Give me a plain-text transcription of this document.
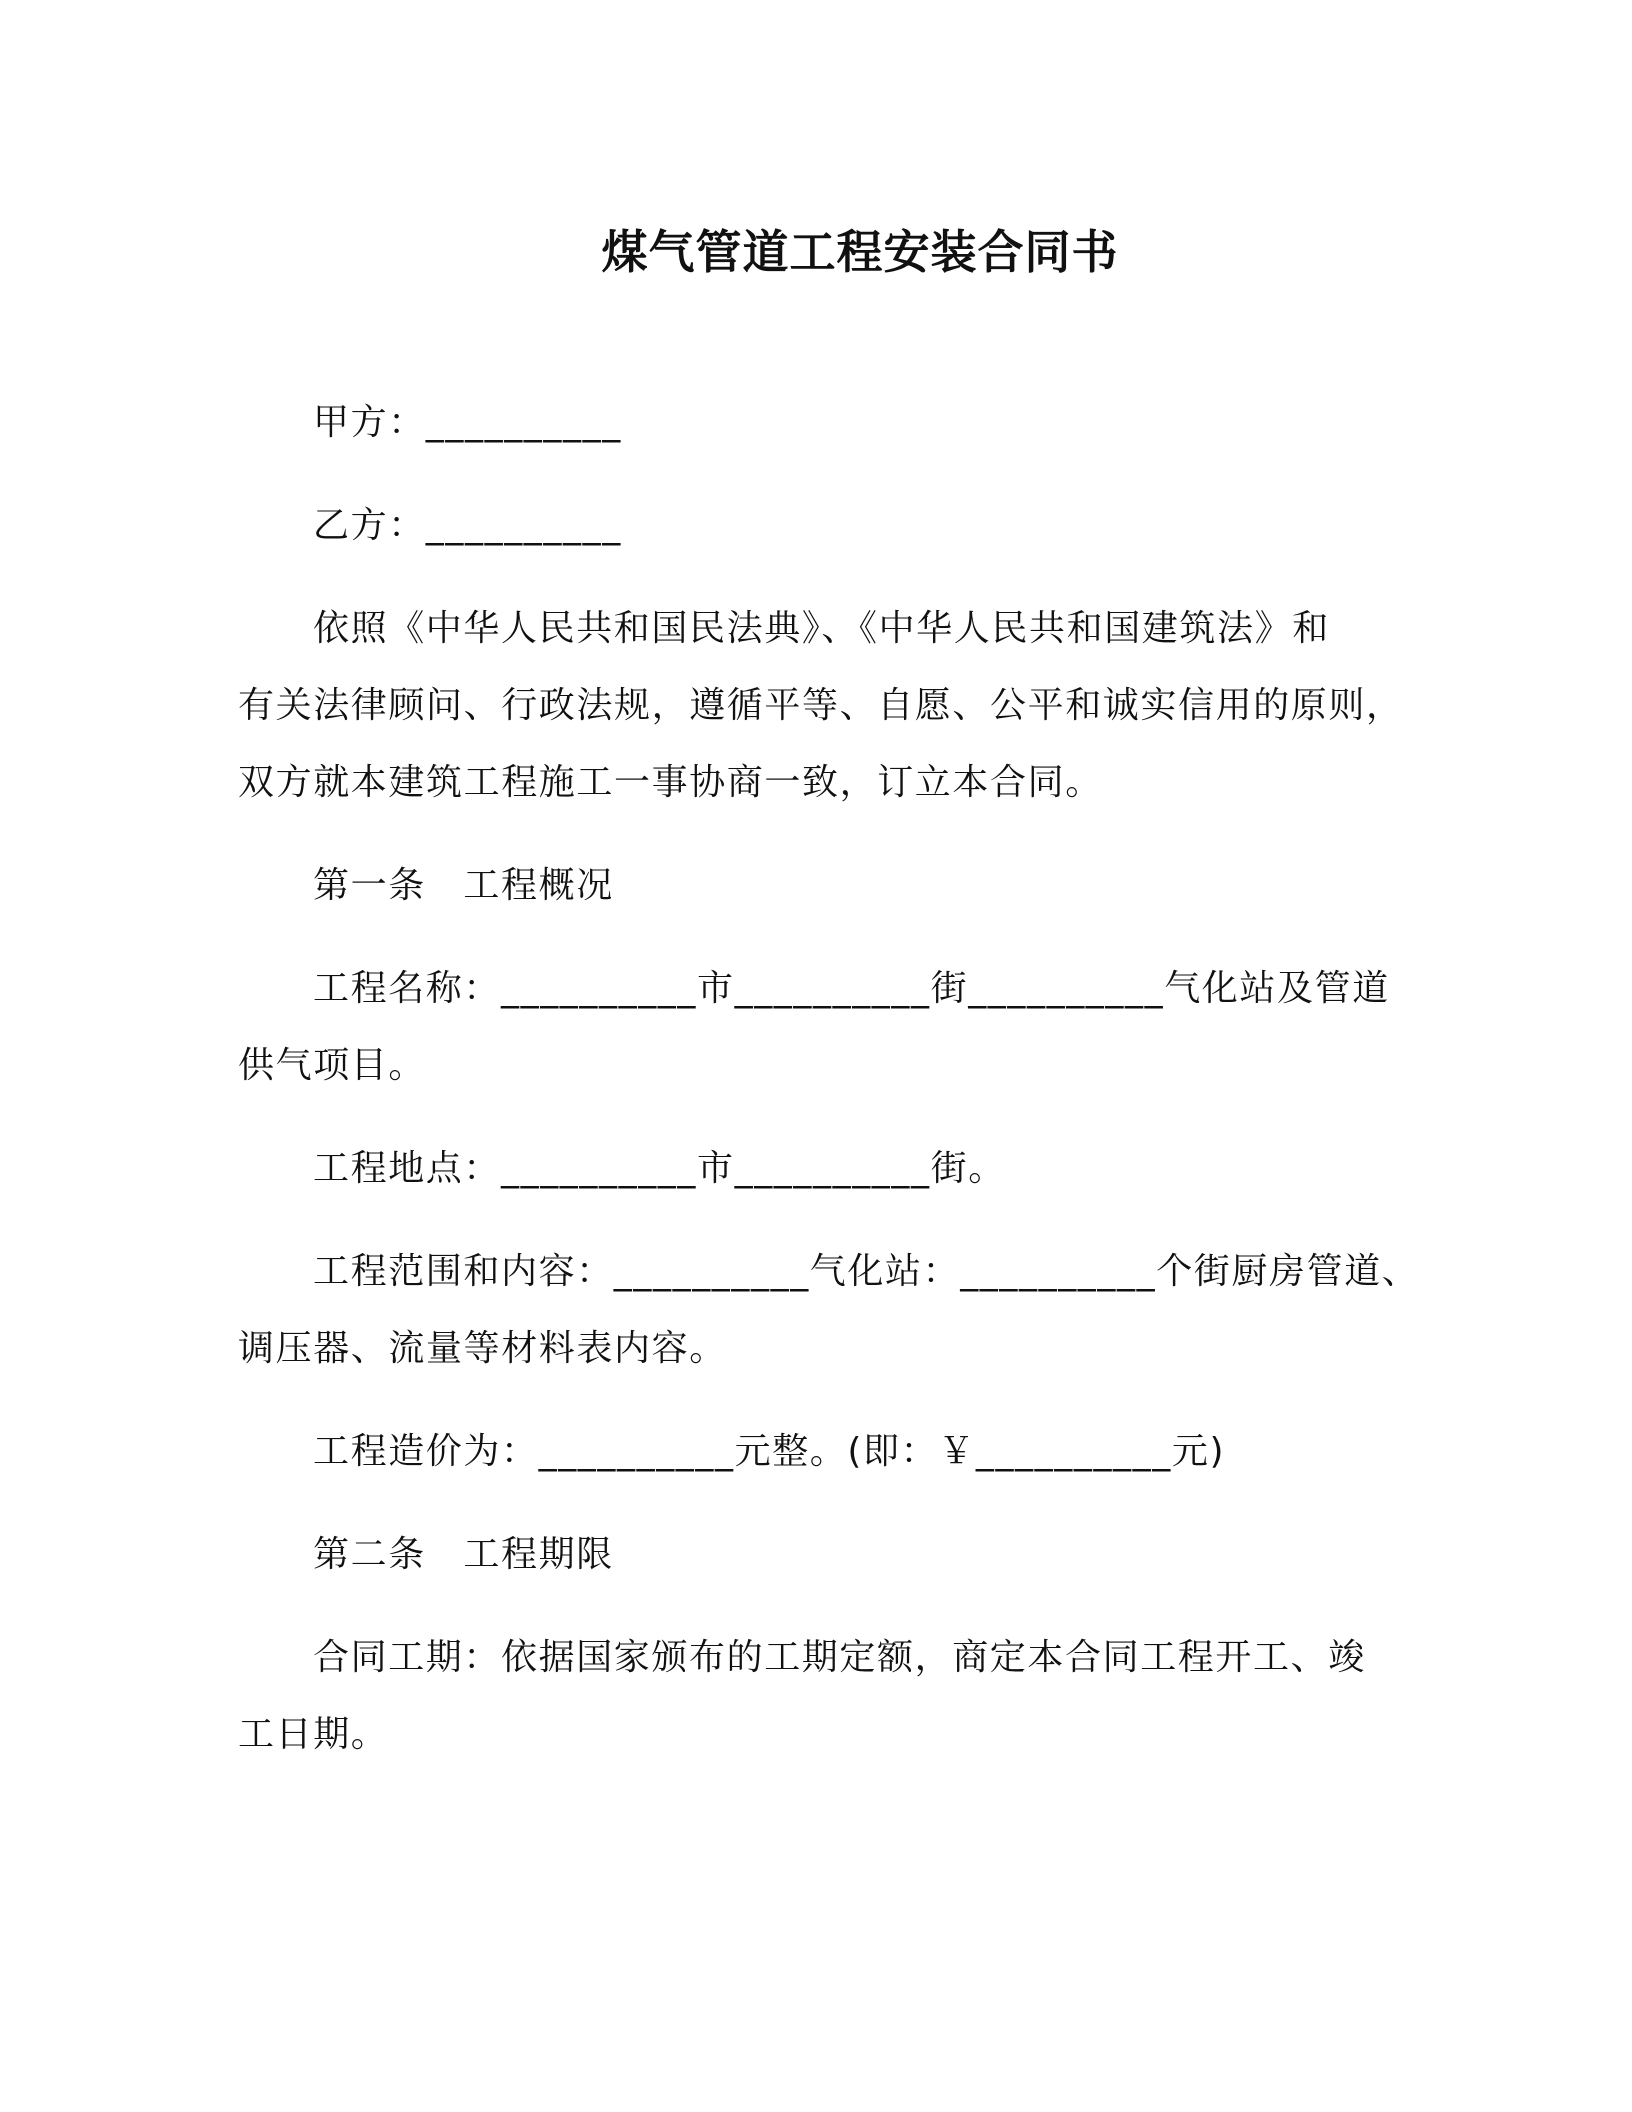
煤气管道工程安装合同书
甲方：__________
乙方：__________
依照《中华人民共和国民法典》、《中华人民共和国建筑法》和
有关法律顾问、行政法规，遵循平等、自愿、公平和诚实信用的原则，
双方就本建筑工程施工一事协商一致，订立本合同。
第一条　工程概况
工程名称：__________市__________街__________气化站及管道
供气项目。
工程地点：__________市__________街。
工程范围和内容：__________气化站：__________个街厨房管道、
调压器、流量等材料表内容。
工程造价为：__________元整。(即：￥__________元)
第二条　工程期限
合同工期：依据国家颁布的工期定额，商定本合同工程开工、竣
工日期。
